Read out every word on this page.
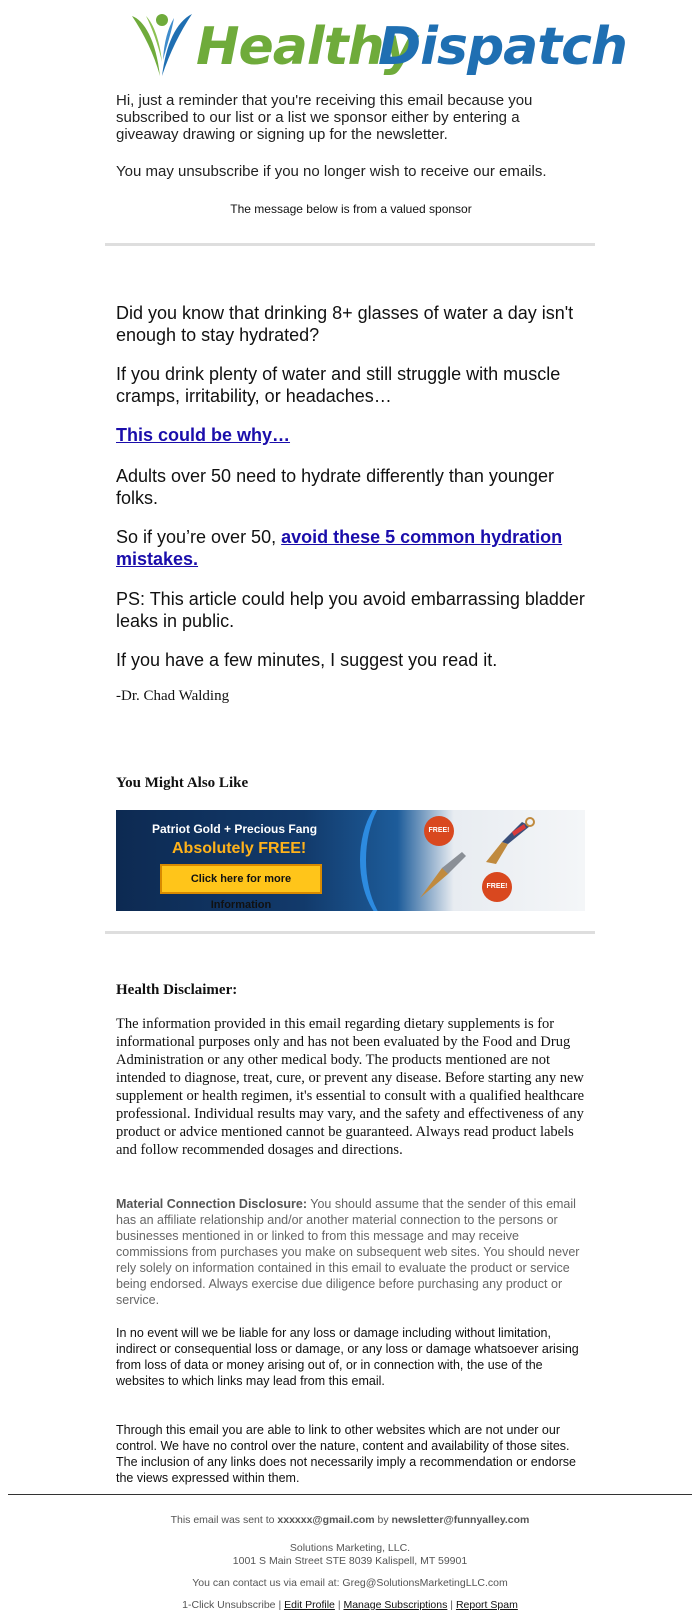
Healthy
Dispatch
Hi, just a reminder that you're receiving this email because you subscribed to our list or a list we sponsor either by entering a giveaway drawing or signing up for the newsletter.
You may unsubscribe if you no longer wish to receive our emails.
The message below is from a valued sponsor
Did you know that drinking 8+ glasses of water a day isn't enough to stay hydrated?
If you drink plenty of water and still struggle with muscle cramps, irritability, or headaches…
This could be why…
Adults over 50 need to hydrate differently than younger folks.
So if you’re over 50, avoid these 5 common hydration mistakes.
PS: This article could help you avoid embarrassing bladder leaks in public.
If you have a few minutes, I suggest you read it.
-Dr. Chad Walding
You Might Also Like
Patriot Gold + Precious Fang
Absolutely FREE!
Click here for more Information
FREE!
FREE!
Health Disclaimer:
The information provided in this email regarding dietary supplements is for informational purposes only and has not been evaluated by the Food and Drug Administration or any other medical body. The products mentioned are not intended to diagnose, treat, cure, or prevent any disease. Before starting any new supplement or health regimen, it's essential to consult with a qualified healthcare professional. Individual results may vary, and the safety and effectiveness of any product or advice mentioned cannot be guaranteed. Always read product labels and follow recommended dosages and directions.
Material Connection Disclosure: You should assume that the sender of this email has an affiliate relationship and/or another material connection to the persons or businesses mentioned in or linked to from this message and may receive commissions from purchases you make on subsequent web sites. You should never rely solely on information contained in this email to evaluate the product or service being endorsed. Always exercise due diligence before purchasing any product or service.
In no event will we be liable for any loss or damage including without limitation, indirect or consequential loss or damage, or any loss or damage whatsoever arising from loss of data or money arising out of, or in connection with, the use of the websites to which links may lead from this email.
Through this email you are able to link to other websites which are not under our control. We have no control over the nature, content and availability of those sites. The inclusion of any links does not necessarily imply a recommendation or endorse the views expressed within them.
This email was sent to xxxxxx@gmail.com by newsletter@funnyalley.com
Solutions Marketing, LLC.
1001 S Main Street STE 8039 Kalispell, MT 59901
You can contact us via email at: Greg@SolutionsMarketingLLC.com
1-Click Unsubscribe | Edit Profile | Manage Subscriptions | Report Spam
